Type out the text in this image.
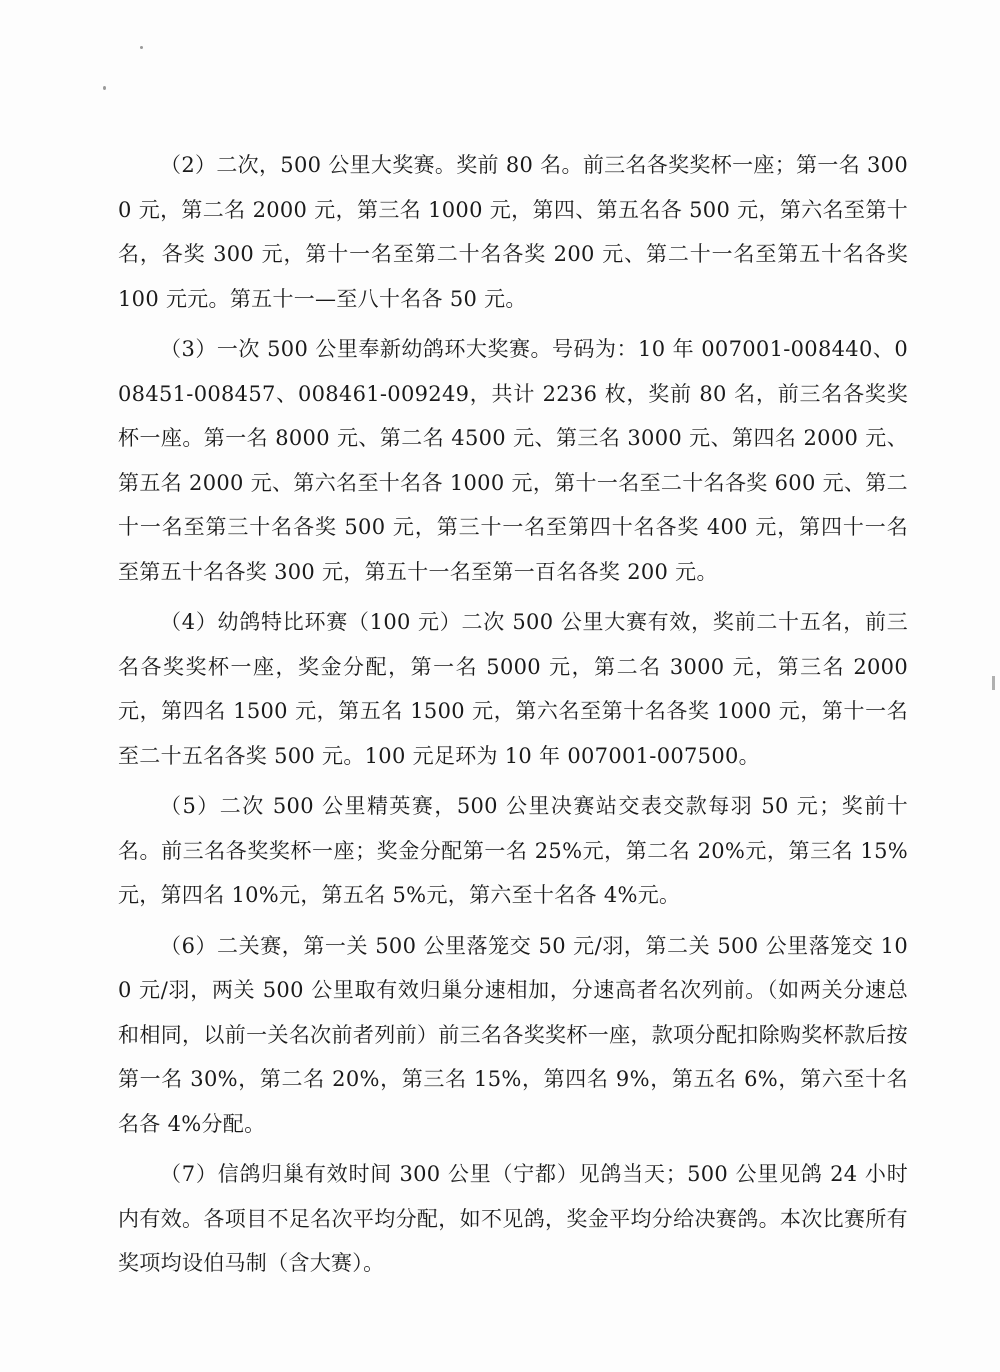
（2）二次，500 公里大奖赛。奖前 80 名。前三名各奖奖杯一座；第一名 3000 元，第二名 2000 元，第三名 1000 元，第四、第五名各 500 元，第六名至第十名，各奖 300 元，第十一名至第二十名各奖 200 元、第二十一名至第五十名各奖 100 元元。第五十一—至八十名各 50 元。

（3）一次 500 公里奉新幼鸽环大奖赛。号码为：10 年 007001-008440、008451-008457、008461-009249，共计 2236 枚，奖前 80 名，前三名各奖奖杯一座。第一名 8000 元、第二名 4500 元、第三名 3000 元、第四名 2000 元、第五名 2000 元、第六名至十名各 1000 元，第十一名至二十名各奖 600 元、第二十一名至第三十名各奖 500 元，第三十一名至第四十名各奖 400 元，第四十一名至第五十名各奖 300 元，第五十一名至第一百名各奖 200 元。

（4）幼鸽特比环赛（100 元）二次 500 公里大赛有效，奖前二十五名，前三名各奖奖杯一座，奖金分配，第一名 5000 元，第二名 3000 元，第三名 2000 元，第四名 1500 元，第五名 1500 元，第六名至第十名各奖 1000 元，第十一名至二十五名各奖 500 元。100 元足环为 10 年 007001-007500。

（5）二次 500 公里精英赛，500 公里决赛站交表交款每羽 50 元；奖前十名。前三名各奖奖杯一座；奖金分配第一名 25%元，第二名 20%元，第三名 15%元，第四名 10%元，第五名 5%元，第六至十名各 4%元。

（6）二关赛，第一关 500 公里落笼交 50 元/羽，第二关 500 公里落笼交 100 元/羽，两关 500 公里取有效归巢分速相加，分速高者名次列前。（如两关分速总和相同，以前一关名次前者列前）前三名各奖奖杯一座，款项分配扣除购奖杯款后按第一名 30%，第二名 20%，第三名 15%，第四名 9%，第五名 6%，第六至十名名各 4%分配。

（7）信鸽归巢有效时间 300 公里（宁都）见鸽当天；500 公里见鸽 24 小时内有效。各项目不足名次平均分配，如不见鸽，奖金平均分给决赛鸽。本次比赛所有奖项均设伯马制（含大赛）。
